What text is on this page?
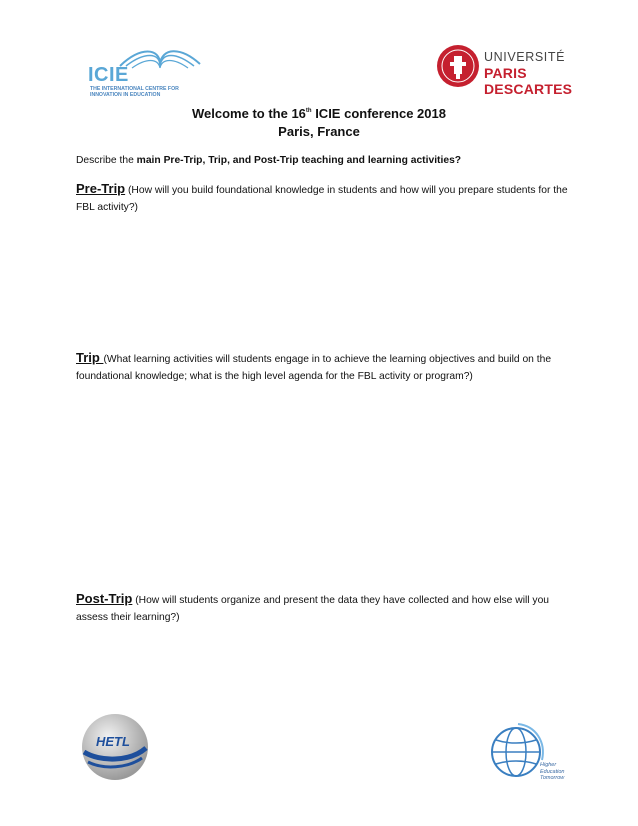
ICIE
THE INTERNATIONAL CENTRE FOR
INNOVATION IN EDUCATION
UNIVERSITÉ
PARIS
DESCARTES
Welcome to the 16th ICIE conference 2018
Paris, France
Describe the main Pre-Trip, Trip, and Post-Trip teaching and learning activities?
Pre-Trip (How will you build foundational knowledge in students and how will you prepare students for the FBL activity?)
Trip (What learning activities will students engage in to achieve the learning objectives and build on the foundational knowledge; what is the high level agenda for the FBL activity or program?)
Post-Trip (How will students organize and present the data they have collected and how else will you assess their learning?)
HETL
Higher
Education
Tomorrow
